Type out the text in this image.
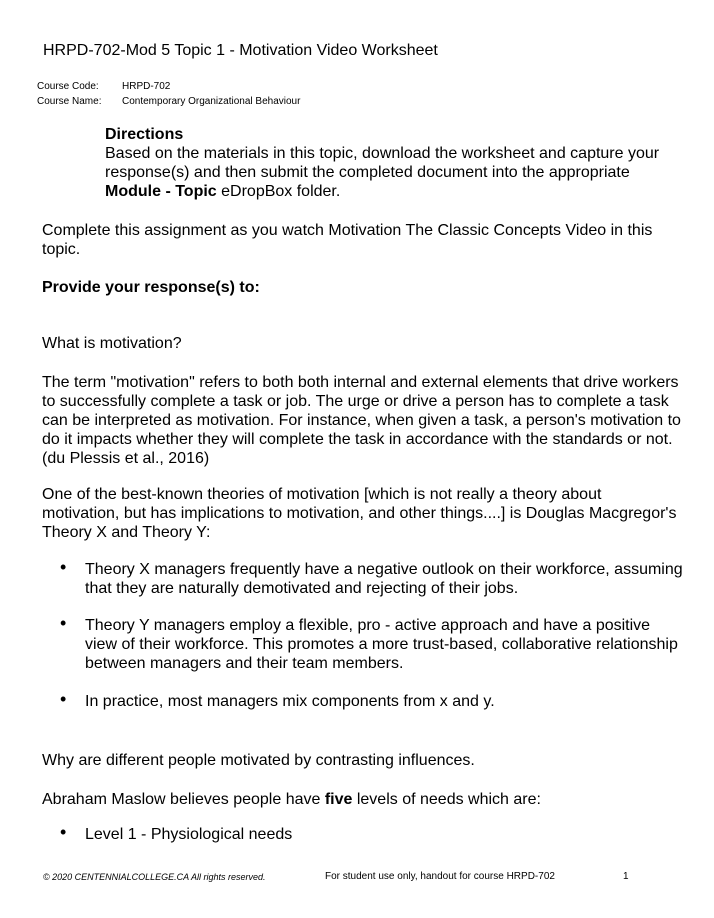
HRPD-702-Mod 5 Topic 1 - Motivation Video Worksheet
Course Code:	HRPD-702
Course Name:	Contemporary Organizational Behaviour
Directions
Based on the materials in this topic, download the worksheet and capture your response(s) and then submit the completed document into the appropriate
Module - Topic eDropBox folder.
Complete this assignment as you watch Motivation The Classic Concepts Video in this topic.
Provide your response(s) to:
What is motivation?
The term "motivation" refers to both both internal and external elements that drive workers to successfully complete a task or job. The urge or drive a person has to complete a task can be interpreted as motivation. For instance, when given a task, a person's motivation to do it impacts whether they will complete the task in accordance with the standards or not. (du Plessis et al., 2016)
One of the best-known theories of motivation [which is not really a theory about motivation, but has implications to motivation, and other things....] is Douglas Macgregor's Theory X and Theory Y:
• Theory X managers frequently have a negative outlook on their workforce, assuming that they are naturally demotivated and rejecting of their jobs.
• Theory Y managers employ a flexible, pro - active approach and have a positive view of their workforce. This promotes a more trust-based, collaborative relationship between managers and their team members.
• In practice, most managers mix components from x and y.
Why are different people motivated by contrasting influences.
Abraham Maslow believes people have five levels of needs which are:
• Level 1 - Physiological needs
© 2020 CENTENNIALCOLLEGE.CA All rights reserved.	For student use only, handout for course HRPD-702	1
